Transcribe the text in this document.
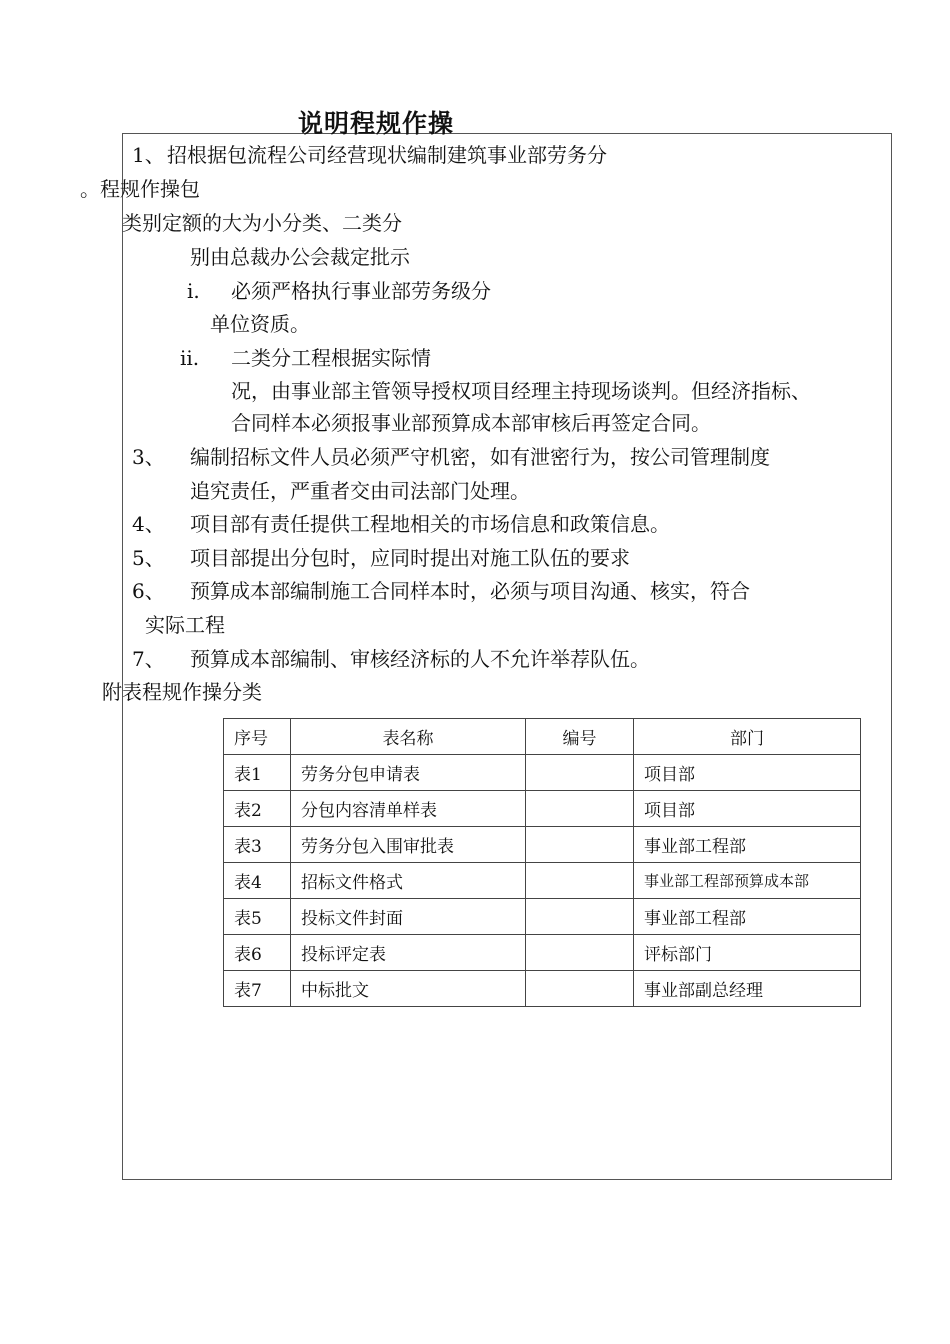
说明程规作操
1、 招根据包流程公司经营现状编制建筑事业部劳务分
。程规作操包
类别定额的大为小分类、二类分
别由总裁办公会裁定批示
i. 必须严格执行事业部劳务级分
单位资质。
ii. 二类分工程根据实际情
况，由事业部主管领导授权项目经理主持现场谈判。但经济指标、
合同样本必须报事业部预算成本部审核后再签定合同。
3、 编制招标文件人员必须严守机密，如有泄密行为，按公司管理制度
追究责任，严重者交由司法部门处理。
4、 项目部有责任提供工程地相关的市场信息和政策信息。
5、 项目部提出分包时，应同时提出对施工队伍的要求
6、 预算成本部编制施工合同样本时，必须与项目沟通、核实，符合
实际工程
7、 预算成本部编制、审核经济标的人不允许举荐队伍。
附表程规作操分类
序号	表名称	编号	部门
表1	劳务分包申请表		项目部
表2	分包内容清单样表		项目部
表3	劳务分包入围审批表		事业部工程部
表4	招标文件格式		事业部工程部预算成本部
表5	投标文件封面		事业部工程部
表6	投标评定表		评标部门
表7	中标批文		事业部副总经理
